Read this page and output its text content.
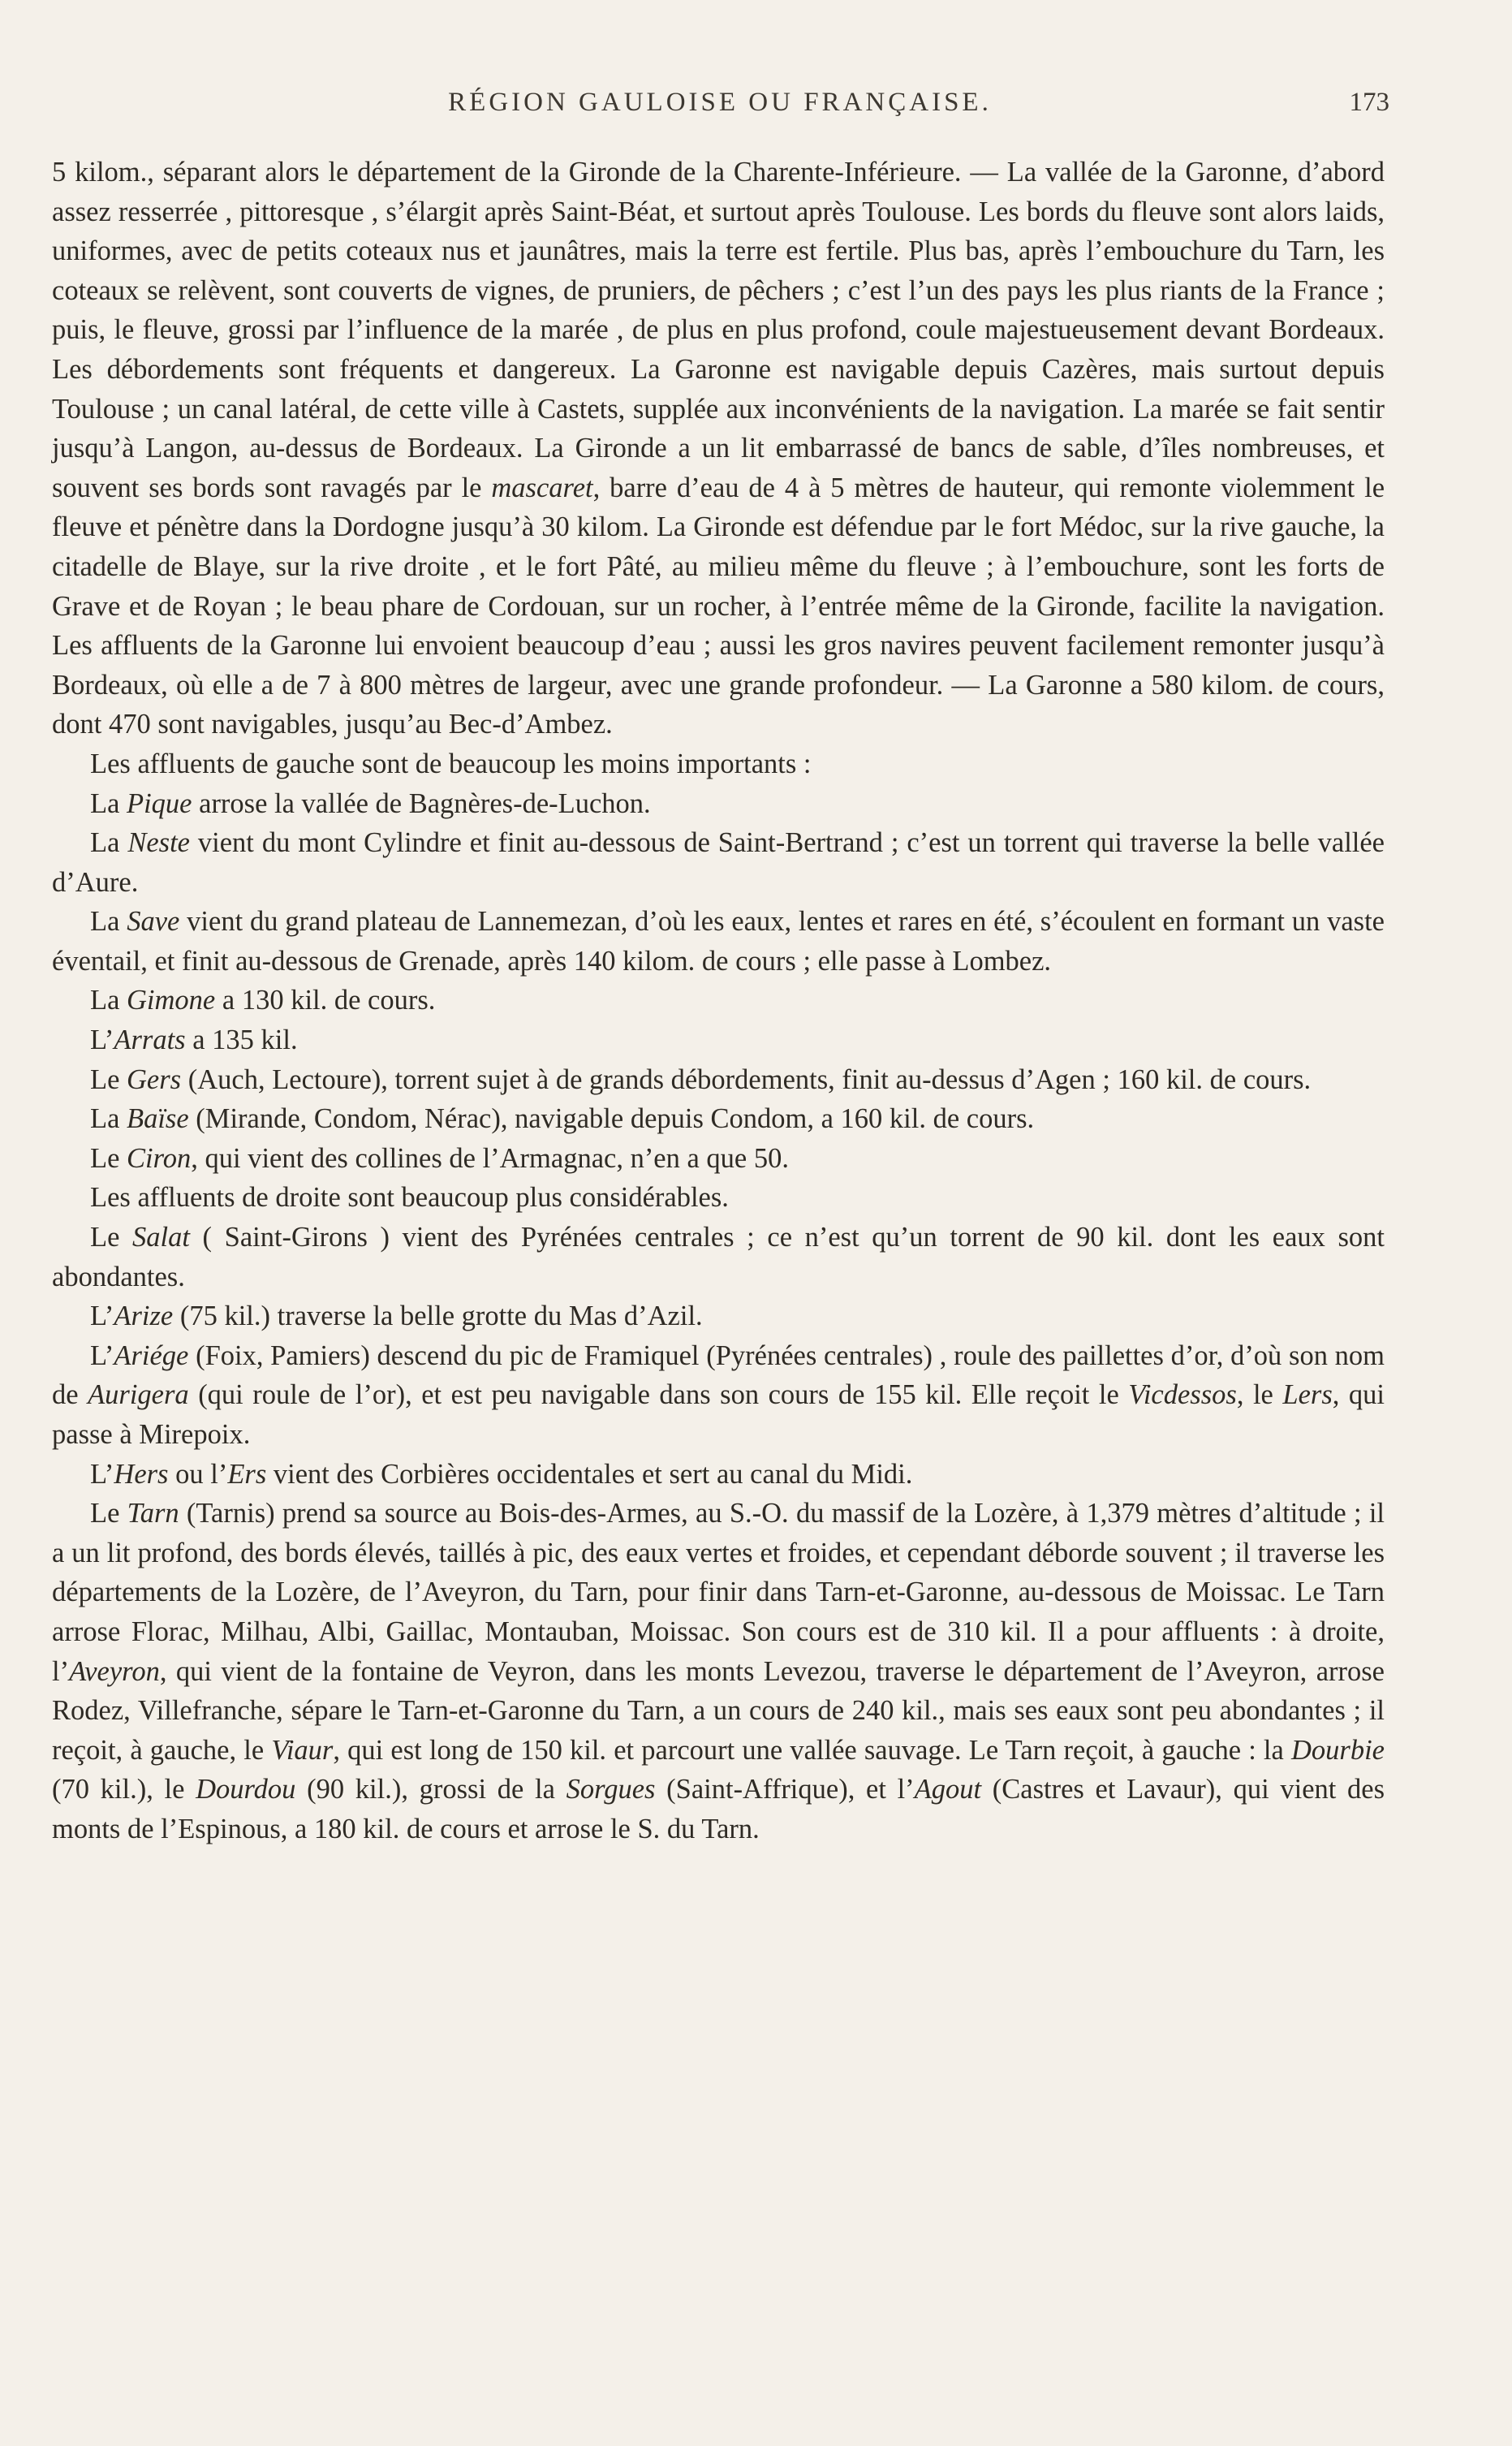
RÉGION GAULOISE OU FRANÇAISE.	173

5 kilom., séparant alors le département de la Gironde de la Charente-Inférieure. — La vallée de la Garonne, d’abord assez resserrée , pittoresque , s’élargit après Saint-Béat, et surtout après Toulouse. Les bords du fleuve sont alors laids, uniformes, avec de petits coteaux nus et jaunâtres, mais la terre est fertile. Plus bas, après l’embouchure du Tarn, les coteaux se relèvent, sont couverts de vignes, de pruniers, de pêchers ; c’est l’un des pays les plus riants de la France ; puis, le fleuve, grossi par l’influence de la marée , de plus en plus profond, coule majestueusement devant Bordeaux. Les débordements sont fréquents et dangereux. La Garonne est navigable depuis Cazères, mais surtout depuis Toulouse ; un canal latéral, de cette ville à Castets, supplée aux inconvénients de la navigation. La marée se fait sentir jusqu’à Langon, au-dessus de Bordeaux. La Gironde a un lit embarrassé de bancs de sable, d’îles nombreuses, et souvent ses bords sont ravagés par le mascaret, barre d’eau de 4 à 5 mètres de hauteur, qui remonte violemment le fleuve et pénètre dans la Dordogne jusqu’à 30 kilom. La Gironde est défendue par le fort Médoc, sur la rive gauche, la citadelle de Blaye, sur la rive droite , et le fort Pâté, au milieu même du fleuve ; à l’embouchure, sont les forts de Grave et de Royan ; le beau phare de Cordouan, sur un rocher, à l’entrée même de la Gironde, facilite la navigation. Les affluents de la Garonne lui envoient beaucoup d’eau ; aussi les gros navires peuvent facilement remonter jusqu’à Bordeaux, où elle a de 7 à 800 mètres de largeur, avec une grande profondeur. — La Garonne a 580 kilom. de cours, dont 470 sont navigables, jusqu’au Bec-d’Ambez.

Les affluents de gauche sont de beaucoup les moins importants :

La Pique arrose la vallée de Bagnères-de-Luchon.

La Neste vient du mont Cylindre et finit au-dessous de Saint-Bertrand ; c’est un torrent qui traverse la belle vallée d’Aure.

La Save vient du grand plateau de Lannemezan, d’où les eaux, lentes et rares en été, s’écoulent en formant un vaste éventail, et finit au-dessous de Grenade, après 140 kilom. de cours ; elle passe à Lombez.

La Gimone a 130 kil. de cours.

L’Arrats a 135 kil.

Le Gers (Auch, Lectoure), torrent sujet à de grands débordements, finit au-dessus d’Agen ; 160 kil. de cours.

La Baïse (Mirande, Condom, Nérac), navigable depuis Condom, a 160 kil. de cours.

Le Ciron, qui vient des collines de l’Armagnac, n’en a que 50.

Les affluents de droite sont beaucoup plus considérables.

Le Salat ( Saint-Girons ) vient des Pyrénées centrales ; ce n’est qu’un torrent de 90 kil. dont les eaux sont abondantes.

L’Arize (75 kil.) traverse la belle grotte du Mas d’Azil.

L’Ariége (Foix, Pamiers) descend du pic de Framiquel (Pyrénées centrales) , roule des paillettes d’or, d’où son nom de Aurigera (qui roule de l’or), et est peu navigable dans son cours de 155 kil. Elle reçoit le Vicdessos, le Lers, qui passe à Mirepoix.

L’Hers ou l’Ers vient des Corbières occidentales et sert au canal du Midi.

Le Tarn (Tarnis) prend sa source au Bois-des-Armes, au S.-O. du massif de la Lozère, à 1,379 mètres d’altitude ; il a un lit profond, des bords élevés, taillés à pic, des eaux vertes et froides, et cependant déborde souvent ; il traverse les départements de la Lozère, de l’Aveyron, du Tarn, pour finir dans Tarn-et-Garonne, au-dessous de Moissac. Le Tarn arrose Florac, Milhau, Albi, Gaillac, Montauban, Moissac. Son cours est de 310 kil. Il a pour affluents : à droite, l’Aveyron, qui vient de la fontaine de Veyron, dans les monts Levezou, traverse le département de l’Aveyron, arrose Rodez, Villefranche, sépare le Tarn-et-Garonne du Tarn, a un cours de 240 kil., mais ses eaux sont peu abondantes ; il reçoit, à gauche, le Viaur, qui est long de 150 kil. et parcourt une vallée sauvage. Le Tarn reçoit, à gauche : la Dourbie (70 kil.), le Dourdou (90 kil.), grossi de la Sorgues (Saint-Affrique), et l’Agout (Castres et Lavaur), qui vient des monts de l’Espinous, a 180 kil. de cours et arrose le S. du Tarn.
